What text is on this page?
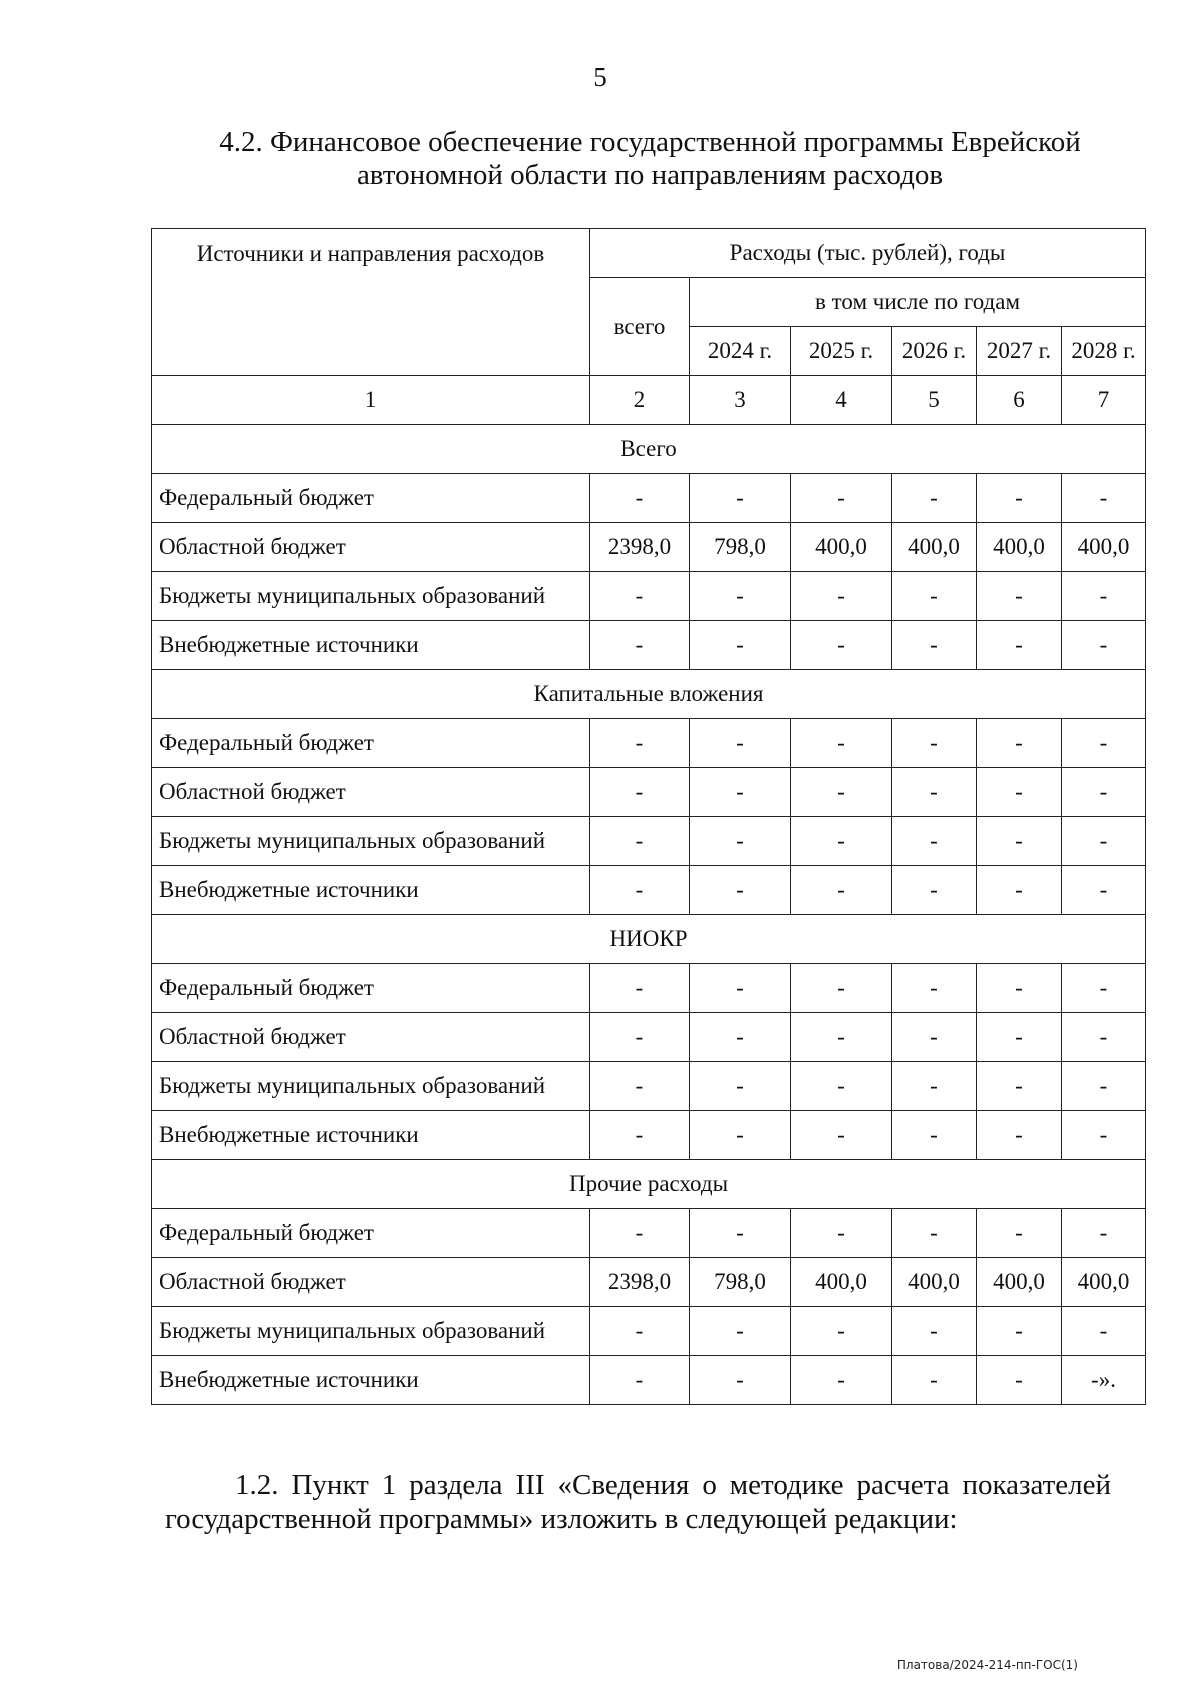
5
4.2. Финансовое обеспечение государственной программы Еврейской
автономной области по направлениям расходов
Источники и направления расходов	Расходы (тыс. рублей), годы					
	всего	в том числе по годам				
		2024 г.	2025 г.	2026 г.	2027 г.	2028 г.
1	2	3	4	5	6	7
Всего						
Федеральный бюджет	-	-	-	-	-	-
Областной бюджет	2398,0	798,0	400,0	400,0	400,0	400,0
Бюджеты муниципальных образований	-	-	-	-	-	-
Внебюджетные источники	-	-	-	-	-	-
Капитальные вложения						
Федеральный бюджет	-	-	-	-	-	-
Областной бюджет	-	-	-	-	-	-
Бюджеты муниципальных образований	-	-	-	-	-	-
Внебюджетные источники	-	-	-	-	-	-
НИОКР						
Федеральный бюджет	-	-	-	-	-	-
Областной бюджет	-	-	-	-	-	-
Бюджеты муниципальных образований	-	-	-	-	-	-
Внебюджетные источники	-	-	-	-	-	-
Прочие расходы						
Федеральный бюджет	-	-	-	-	-	-
Областной бюджет	2398,0	798,0	400,0	400,0	400,0	400,0
Бюджеты муниципальных образований	-	-	-	-	-	-
Внебюджетные источники	-	-	-	-	-	-».
1.2. Пункт 1 раздела III «Сведения о методике расчета показателей государственной программы» изложить в следующей редакции:
Платова/2024-214-пп-ГОС(1)
